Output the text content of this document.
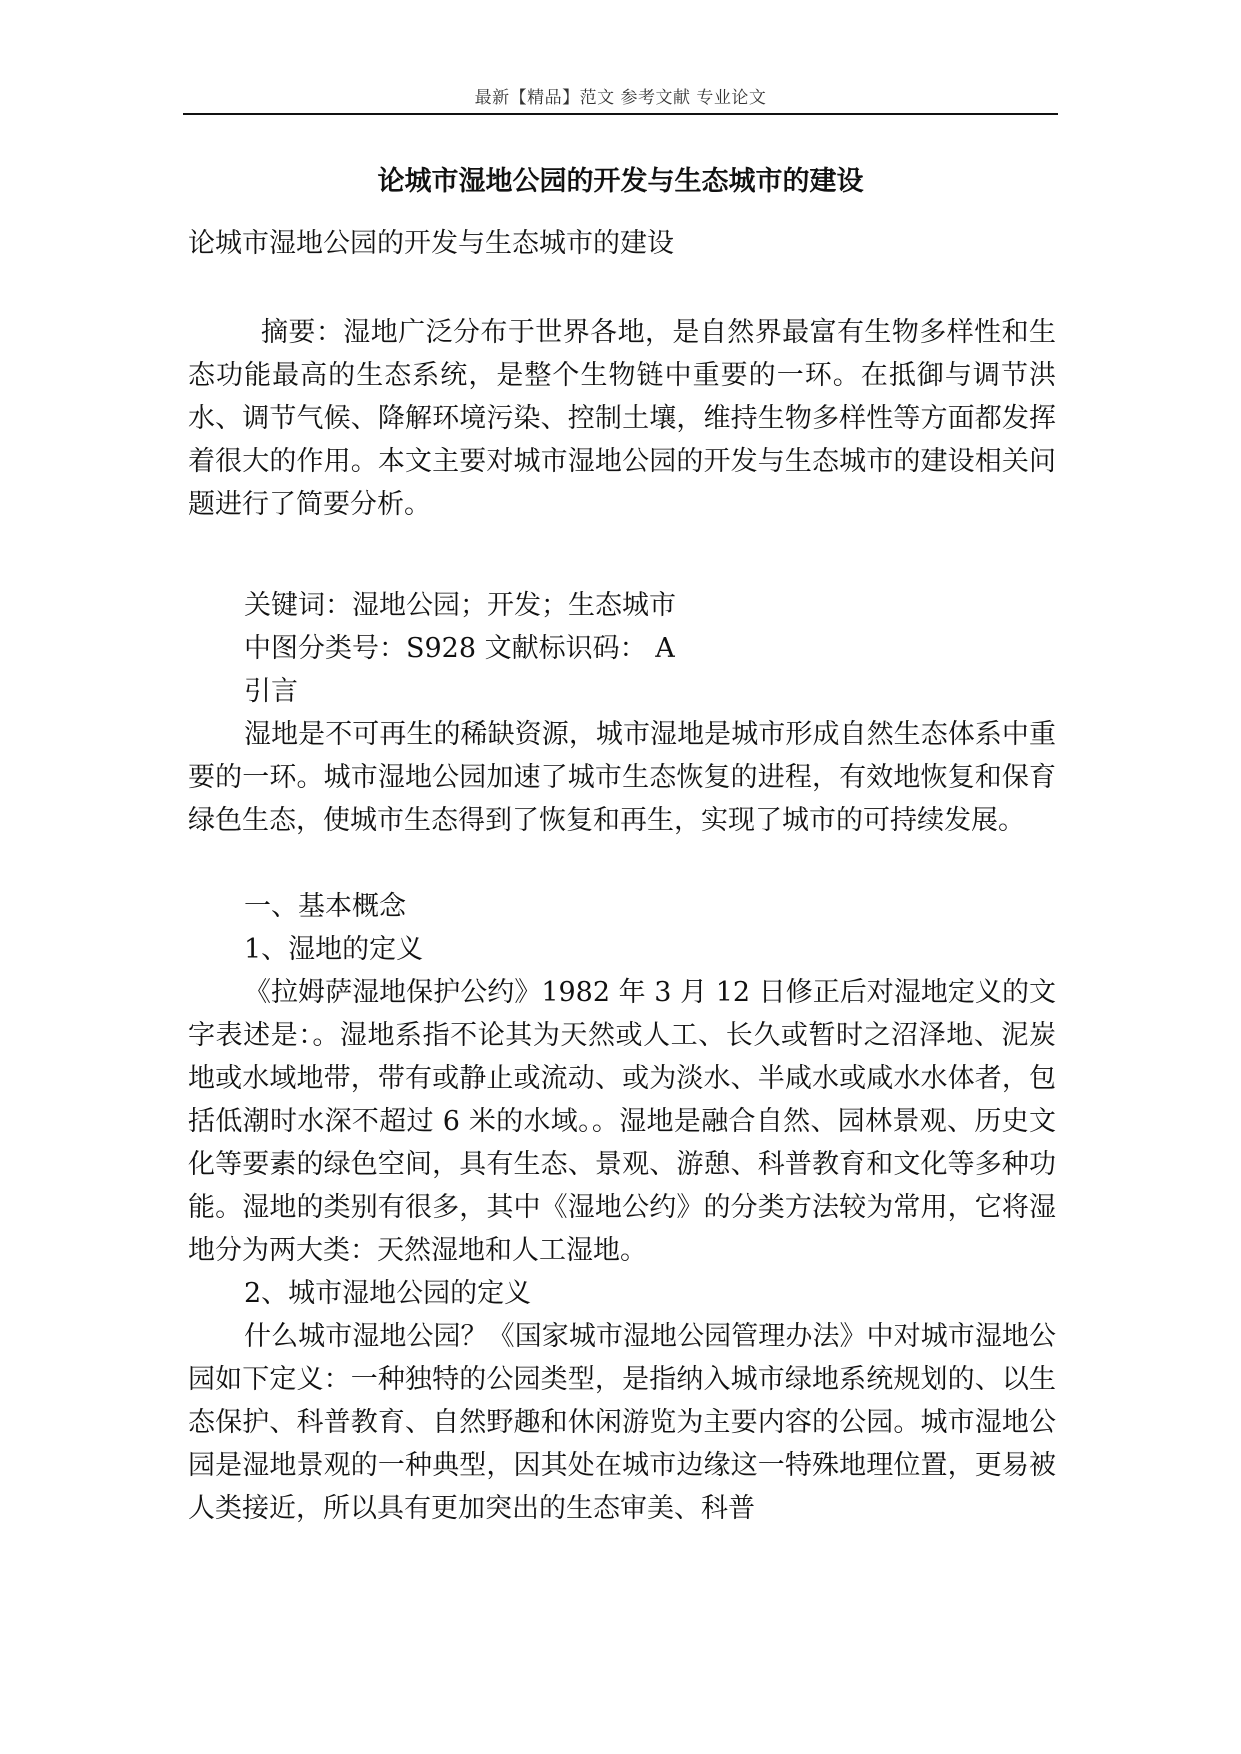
最新【精品】范文 参考文献 专业论文
论城市湿地公园的开发与生态城市的建设

论城市湿地公园的开发与生态城市的建设

摘要：湿地广泛分布于世界各地，是自然界最富有生物多样性和生态功能最高的生态系统，是整个生物链中重要的一环。在抵御与调节洪水、调节气候、降解环境污染、控制土壤，维持生物多样性等方面都发挥着很大的作用。本文主要对城市湿地公园的开发与生态城市的建设相关问题进行了简要分析。

关键词：湿地公园；开发；生态城市

中图分类号：S928 文献标识码： A

引言

湿地是不可再生的稀缺资源，城市湿地是城市形成自然生态体系中重要的一环。城市湿地公园加速了城市生态恢复的进程，有效地恢复和保育绿色生态，使城市生态得到了恢复和再生，实现了城市的可持续发展。

一、基本概念

1、湿地的定义

《拉姆萨湿地保护公约》1982 年 3 月 12 日修正后对湿地定义的文字表述是：。湿地系指不论其为天然或人工、长久或暂时之沼泽地、泥炭地或水域地带，带有或静止或流动、或为淡水、半咸水或咸水水体者，包括低潮时水深不超过 6 米的水域。。湿地是融合自然、园林景观、历史文化等要素的绿色空间，具有生态、景观、游憩、科普教育和文化等多种功能。湿地的类别有很多，其中《湿地公约》的分类方法较为常用，它将湿地分为两大类：天然湿地和人工湿地。

2、城市湿地公园的定义

什么城市湿地公园？《国家城市湿地公园管理办法》中对城市湿地公园如下定义：一种独特的公园类型，是指纳入城市绿地系统规划的、以生态保护、科普教育、自然野趣和休闲游览为主要内容的公园。城市湿地公园是湿地景观的一种典型，因其处在城市边缘这一特殊地理位置，更易被人类接近，所以具有更加突出的生态审美、科普
